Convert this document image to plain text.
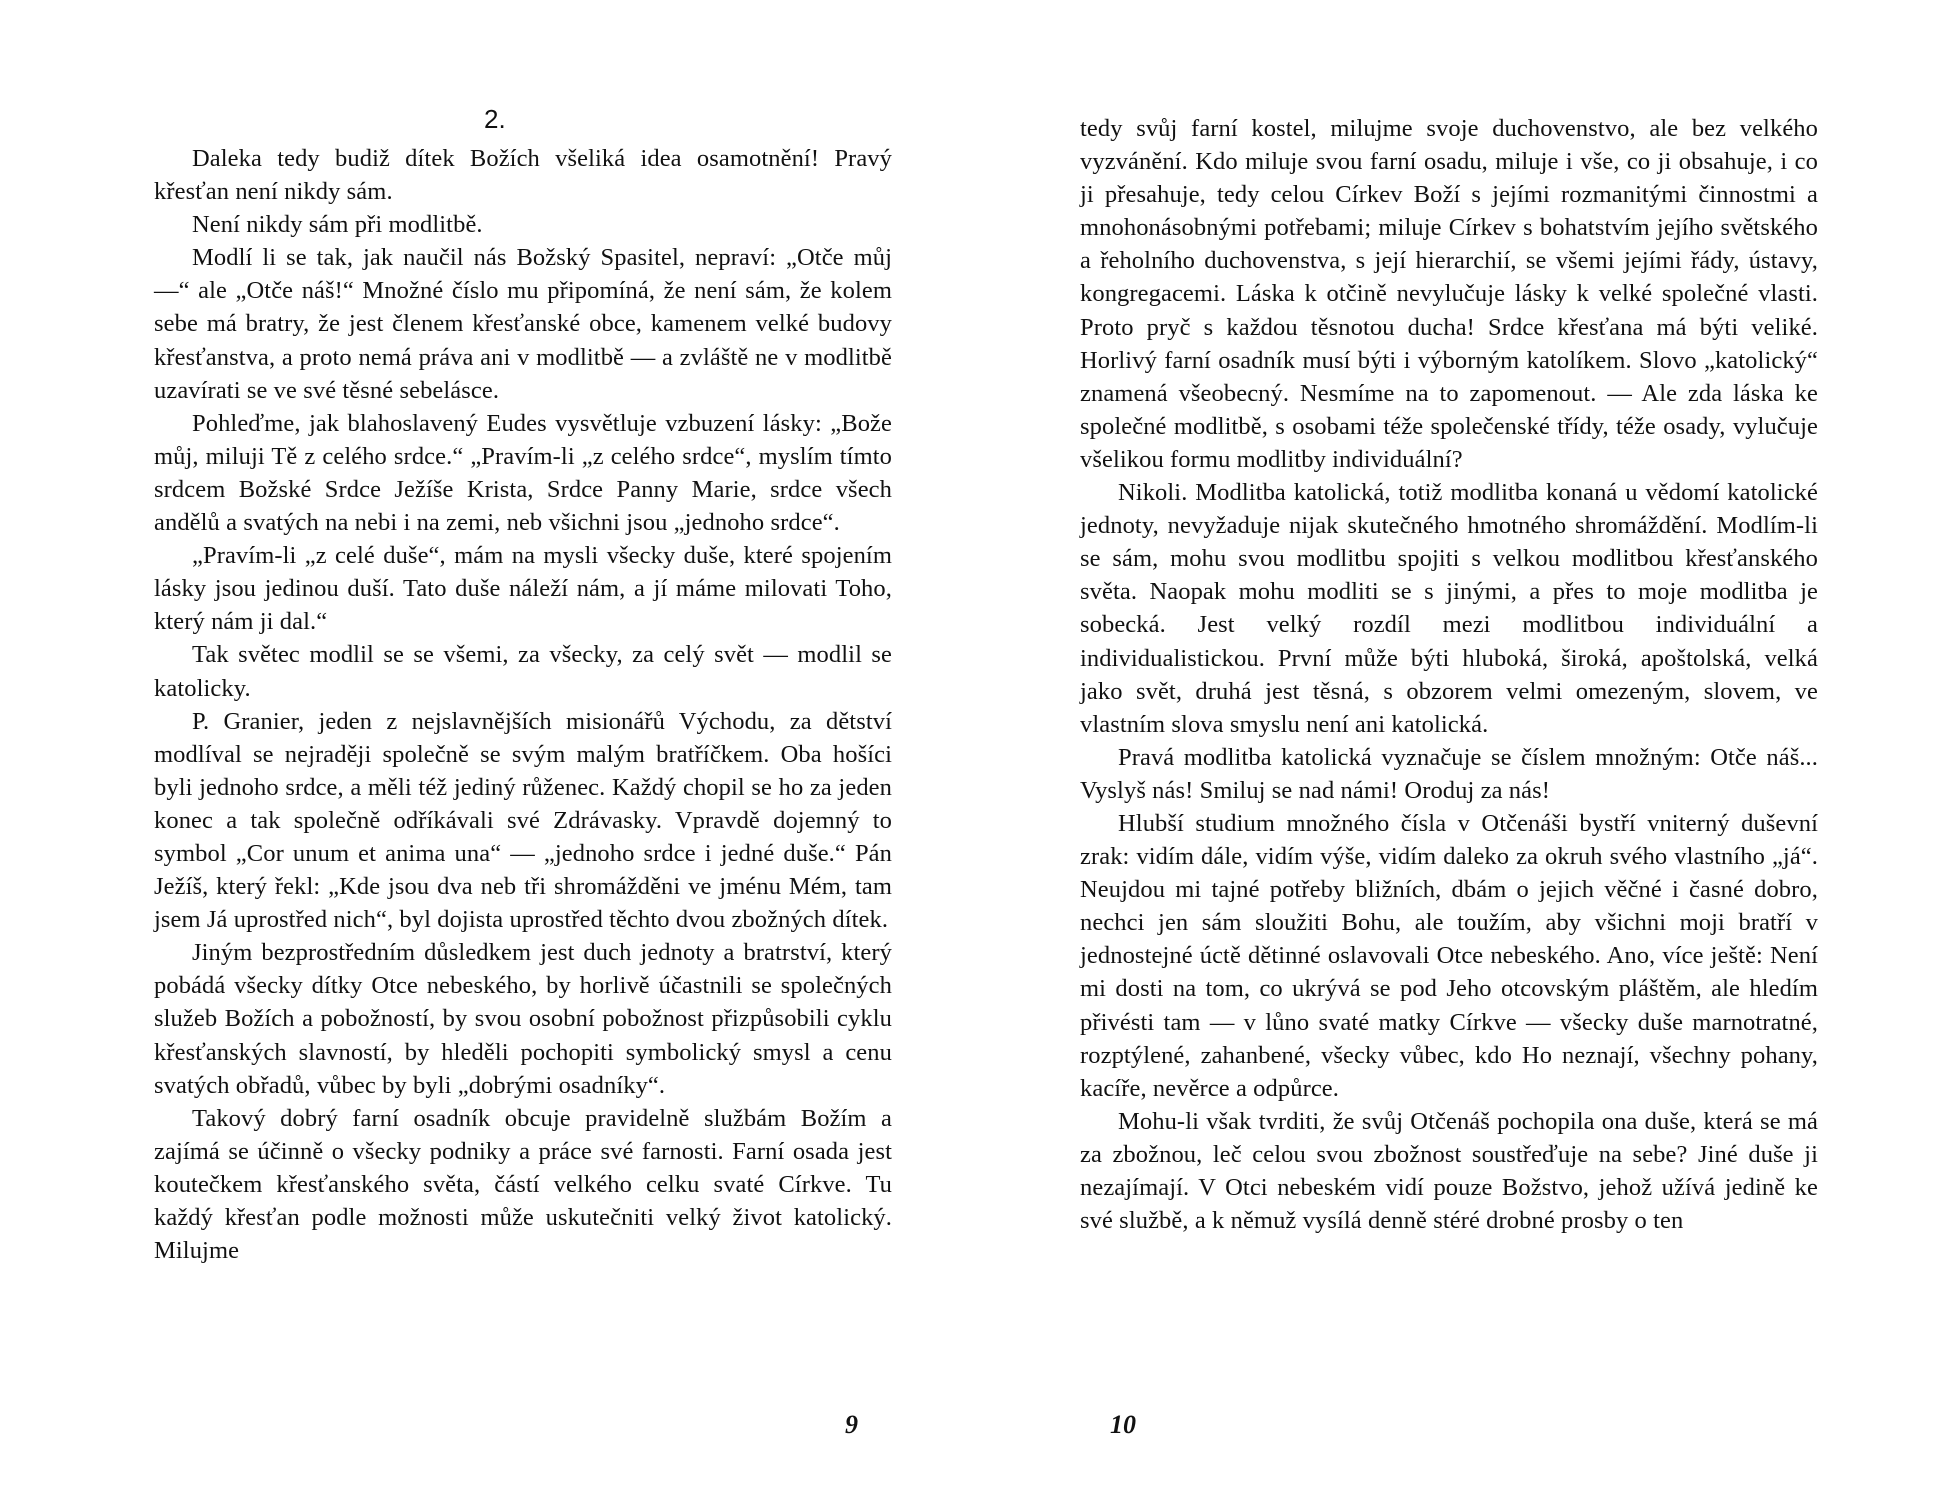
2.

Daleka tedy budiž dítek Božích všeliká idea osamotnění! Pravý křesťan není nikdy sám.

Není nikdy sám při modlitbě.

Modlí li se tak, jak naučil nás Božský Spasitel, nepraví: „Otče můj —“ ale „Otče náš!“ Množné číslo mu připomíná, že není sám, že kolem sebe má bratry, že jest členem křesťanské obce, kamenem velké budovy křesťanstva, a proto nemá práva ani v modlitbě — a zvláště ne v modlitbě uzavírati se ve své těsné sebelásce.

Pohleďme, jak blahoslavený Eudes vysvětluje vzbuzení lásky: „Bože můj, miluji Tě z celého srdce.“ „Pravím-li „z celého srdce“, myslím tímto srdcem Božské Srdce Ježíše Krista, Srdce Panny Marie, srdce všech andělů a svatých na nebi i na zemi, neb všichni jsou „jednoho srdce“.

„Pravím-li „z celé duše“, mám na mysli všecky duše, které spojením lásky jsou jedinou duší. Tato duše náleží nám, a jí máme milovati Toho, který nám ji dal.“

Tak světec modlil se se všemi, za všecky, za celý svět — modlil se katolicky.

P. Granier, jeden z nejslavnějších misionářů Východu, za dětství modlíval se nejraději společně se svým malým bratříčkem. Oba hošíci byli jednoho srdce, a měli též jediný růženec. Každý chopil se ho za jeden konec a tak společně odříkávali své Zdrávasky. Vpravdě dojemný to symbol „Cor unum et anima una“ — „jednoho srdce i jedné duše.“ Pán Ježíš, který řekl: „Kde jsou dva neb tři shromážděni ve jménu Mém, tam jsem Já uprostřed nich“, byl dojista uprostřed těchto dvou zbožných dítek.

Jiným bezprostředním důsledkem jest duch jednoty a bratrství, který pobádá všecky dítky Otce nebeského, by horlivě účastnili se společných služeb Božích a pobožností, by svou osobní pobožnost přizpůsobili cyklu křesťanských slavností, by hleděli pochopiti symbolický smysl a cenu svatých obřadů, vůbec by byli „dobrými osadníky“.

Takový dobrý farní osadník obcuje pravidelně službám Božím a zajímá se účinně o všecky podniky a práce své farnosti. Farní osada jest koutečkem křesťanského světa, částí velkého celku svaté Církve. Tu každý křesťan podle možnosti může uskutečniti velký život katolický. Milujme

9

tedy svůj farní kostel, milujme svoje duchovenstvo, ale bez velkého vyzvánění. Kdo miluje svou farní osadu, miluje i vše, co ji obsahuje, i co ji přesahuje, tedy celou Církev Boží s jejími rozmanitými činnostmi a mnohonásobnými potřebami; miluje Církev s bohatstvím jejího světského a řeholního duchovenstva, s její hierarchií, se všemi jejími řády, ústavy, kongregacemi. Láska k otčině nevylučuje lásky k velké společné vlasti. Proto pryč s každou těsnotou ducha! Srdce křesťana má býti veliké. Horlivý farní osadník musí býti i výborným katolíkem. Slovo „katolický“ znamená všeobecný. Nesmíme na to zapomenout. — Ale zda láska ke společné modlitbě, s osobami téže společenské třídy, téže osady, vylučuje všelikou formu modlitby individuální?

Nikoli. Modlitba katolická, totiž modlitba konaná u vědomí katolické jednoty, nevyžaduje nijak skutečného hmotného shromáždění. Modlím-li se sám, mohu svou modlitbu spojiti s velkou modlitbou křesťanského světa. Naopak mohu modliti se s jinými, a přes to moje modlitba je sobecká. Jest velký rozdíl mezi modlitbou individuální a individualistickou. První může býti hluboká, široká, apoštolská, velká jako svět, druhá jest těsná, s obzorem velmi omezeným, slovem, ve vlastním slova smyslu není ani katolická.

Pravá modlitba katolická vyznačuje se číslem množným: Otče náš... Vyslyš nás! Smiluj se nad námi! Oroduj za nás!

Hlubší studium množného čísla v Otčenáši bystří vniterný duševní zrak: vidím dále, vidím výše, vidím daleko za okruh svého vlastního „já“. Neujdou mi tajné potřeby bližních, dbám o jejich věčné i časné dobro, nechci jen sám sloužiti Bohu, ale toužím, aby všichni moji bratří v jednostejné úctě dětinné oslavovali Otce nebeského. Ano, více ještě: Není mi dosti na tom, co ukrývá se pod Jeho otcovským pláštěm, ale hledím přivésti tam — v lůno svaté matky Církve — všecky duše marnotratné, rozptýlené, zahanbené, všecky vůbec, kdo Ho neznají, všechny pohany, kacíře, nevěrce a odpůrce.

Mohu-li však tvrditi, že svůj Otčenáš pochopila ona duše, která se má za zbožnou, leč celou svou zbožnost soustřeďuje na sebe? Jiné duše ji nezajímají. V Otci nebeském vidí pouze Božstvo, jehož užívá jedině ke své službě, a k němuž vysílá denně stéré drobné prosby o ten

10
